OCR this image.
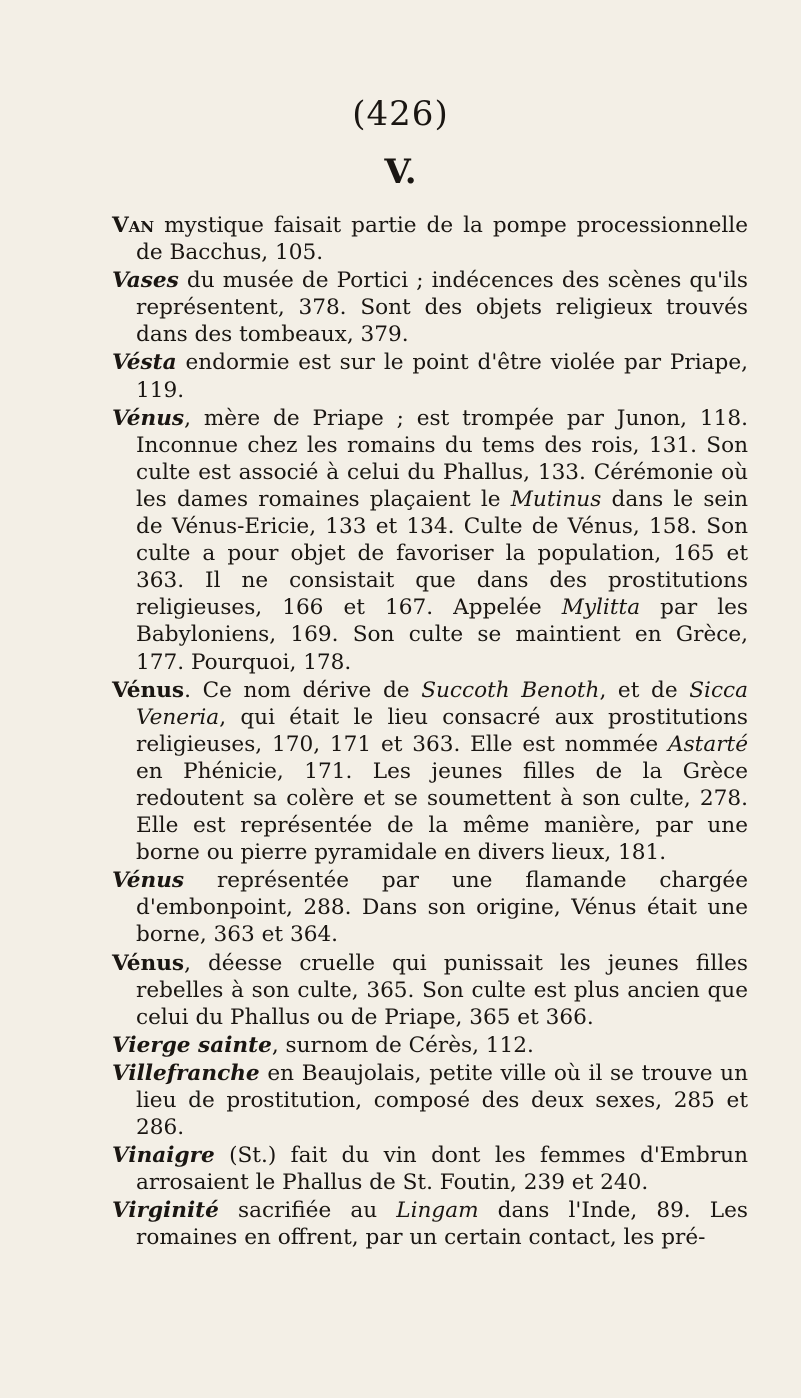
(426)
V.

Van mystique faisait partie de la pompe processionnelle de Bacchus, 105.

Vases du musée de Portici ; indécences des scènes qu'ils représentent, 378. Sont des objets religieux trouvés dans des tombeaux, 379.

Vésta endormie est sur le point d'être violée par Priape, 119.

Vénus, mère de Priape ; est trompée par Junon, 118. Inconnue chez les romains du tems des rois, 131. Son culte est associé à celui du Phallus, 133. Cérémonie où les dames romaines plaçaient le Mutinus dans le sein de Vénus-Ericie, 133 et 134. Culte de Vénus, 158. Son culte a pour objet de favoriser la population, 165 et 363. Il ne consistait que dans des prostitutions religieuses, 166 et 167. Appelée Mylitta par les Babyloniens, 169. Son culte se maintient en Grèce, 177. Pourquoi, 178.

Vénus. Ce nom dérive de Succoth Benoth, et de Sicca Veneria, qui était le lieu consacré aux prostitutions religieuses, 170, 171 et 363. Elle est nommée Astarté en Phénicie, 171. Les jeunes filles de la Grèce redoutent sa colère et se soumettent à son culte, 278. Elle est représentée de la même manière, par une borne ou pierre pyramidale en divers lieux, 181.

Vénus représentée par une flamande chargée d'embonpoint, 288. Dans son origine, Vénus était une borne, 363 et 364.

Vénus, déesse cruelle qui punissait les jeunes filles rebelles à son culte, 365. Son culte est plus ancien que celui du Phallus ou de Priape, 365 et 366.

Vierge sainte, surnom de Cérès, 112.

Villefranche en Beaujolais, petite ville où il se trouve un lieu de prostitution, composé des deux sexes, 285 et 286.

Vinaigre (St.) fait du vin dont les femmes d'Embrun arrosaient le Phallus de St. Foutin, 239 et 240.

Virginité sacrifiée au Lingam dans l'Inde, 89. Les romaines en offrent, par un certain contact, les pré-
